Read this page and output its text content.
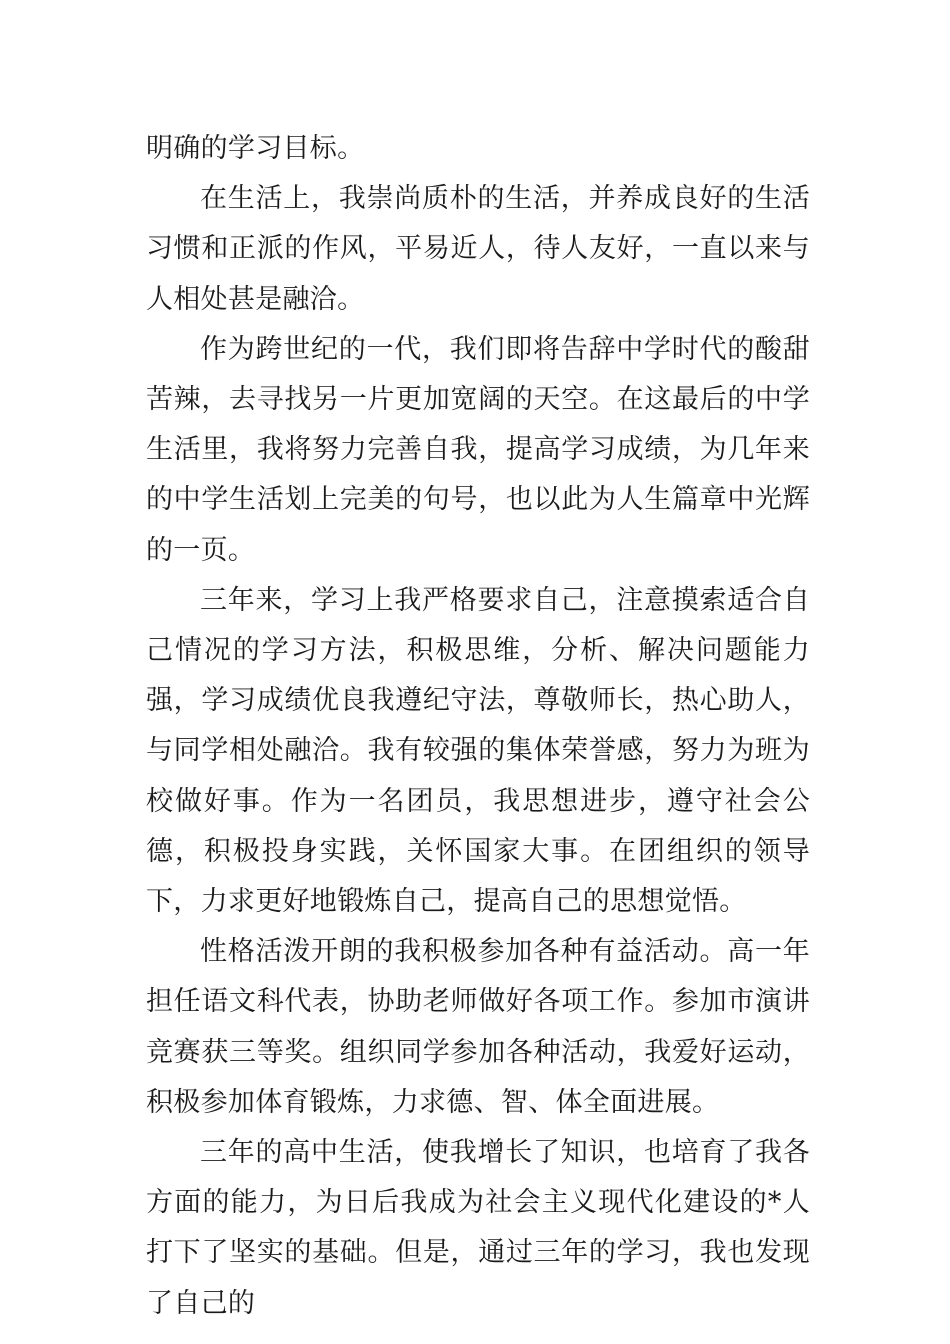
明确的学习目标。

在生活上，我崇尚质朴的生活，并养成良好的生活习惯和正派的作风，平易近人，待人友好，一直以来与人相处甚是融洽。

作为跨世纪的一代，我们即将告辞中学时代的酸甜苦辣，去寻找另一片更加宽阔的天空。在这最后的中学生活里，我将努力完善自我，提高学习成绩，为几年来的中学生活划上完美的句号，也以此为人生篇章中光辉的一页。

三年来，学习上我严格要求自己，注意摸索适合自己情况的学习方法，积极思维，分析、解决问题能力强，学习成绩优良我遵纪守法，尊敬师长，热心助人，与同学相处融洽。我有较强的集体荣誉感，努力为班为校做好事。作为一名团员，我思想进步，遵守社会公德，积极投身实践，关怀国家大事。在团组织的领导下，力求更好地锻炼自己，提高自己的思想觉悟。

性格活泼开朗的我积极参加各种有益活动。高一年担任语文科代表，协助老师做好各项工作。参加市演讲竞赛获三等奖。组织同学参加各种活动，我爱好运动，积极参加体育锻炼，力求德、智、体全面进展。

三年的高中生活，使我增长了知识，也培育了我各方面的能力，为日后我成为社会主义现代化建设的*人打下了坚实的基础。但是，通过三年的学习，我也发现了自己的
